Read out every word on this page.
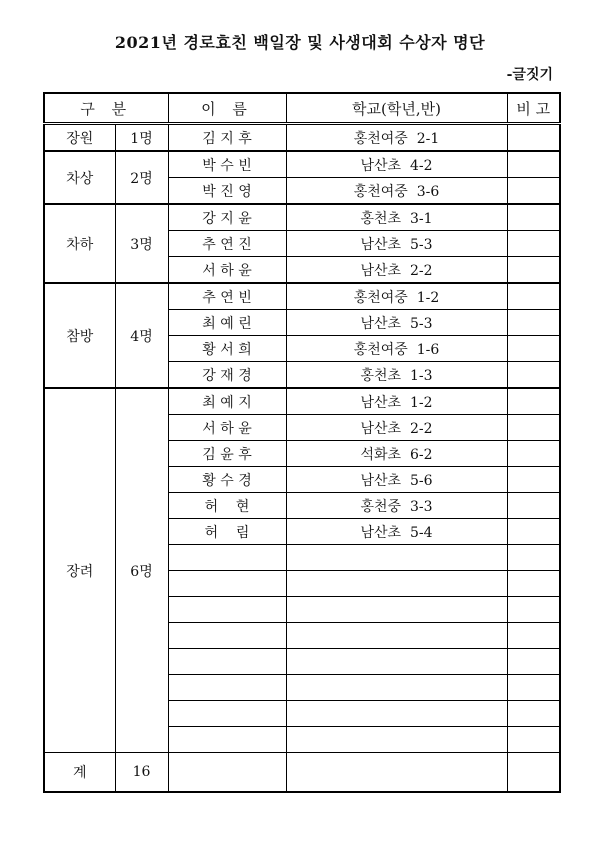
2021년 경로효친 백일장 및 사생대회 수상자 명단
-글짓기
구 분		이 름	학교(학년,반)	비 고
장원	1명	김 지 후	홍천여중  2-1	
차상	2명	박 수 빈	남산초  4-2	
		박 진 영	홍천여중  3-6	
차하	3명	강 지 윤	홍천초  3-1	
		추 연 진	남산초  5-3	
		서 하 윤	남산초  2-2	
참방	4명	추 연 빈	홍천여중  1-2	
		최 예 린	남산초  5-3	
		황 서 희	홍천여중  1-6	
		강 재 경	홍천초  1-3	
장려	6명	최 예 지	남산초  1-2	
		서 하 윤	남산초  2-2	
		김 윤 후	석화초  6-2	
		황 수 경	남산초  5-6	
		허    현	홍천중  3-3	
		허    림	남산초  5-4	

계	16			
